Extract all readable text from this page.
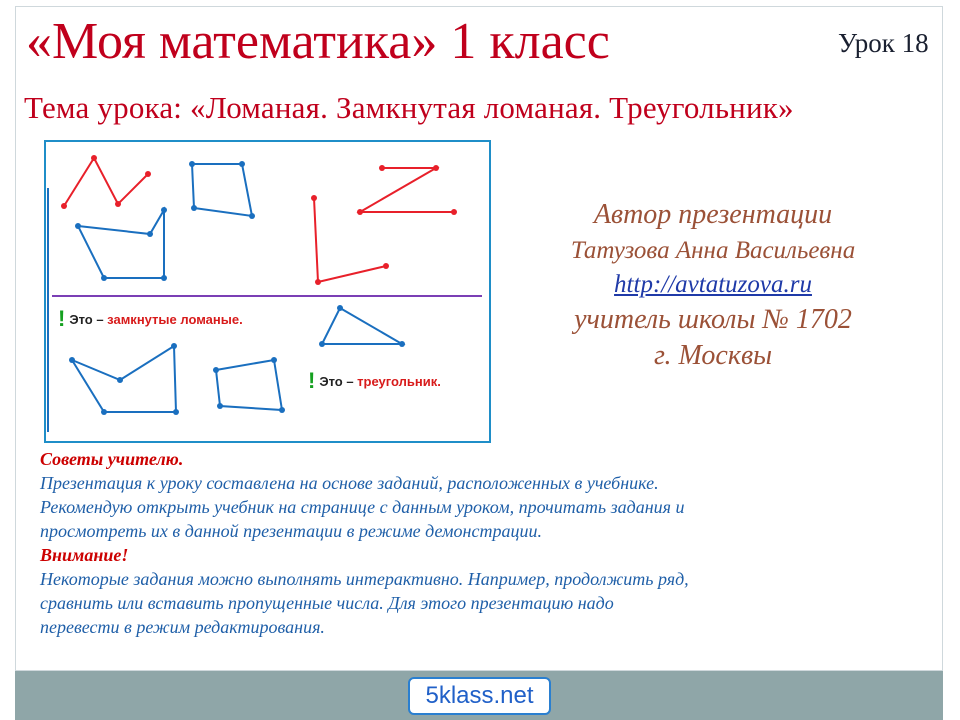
«Моя математика» 1 класс	Урок 18
Тема урока: «Ломаная. Замкнутая ломаная. Треугольник»
! Это – замкнутые ломаные.
! Это – треугольник.
Автор презентации
Татузова Анна Васильевна
http://avtatuzova.ru
учитель школы № 1702
г. Москвы
Советы учителю.
Презентация к уроку составлена на основе заданий, расположенных в учебнике.
Рекомендую открыть учебник на странице с данным уроком, прочитать задания и
просмотреть их в данной презентации в режиме демонстрации.
Внимание!
Некоторые задания можно выполнять интерактивно. Например, продолжить ряд,
сравнить или вставить пропущенные числа. Для этого презентацию надо
перевести в режим редактирования.
5klass.net
